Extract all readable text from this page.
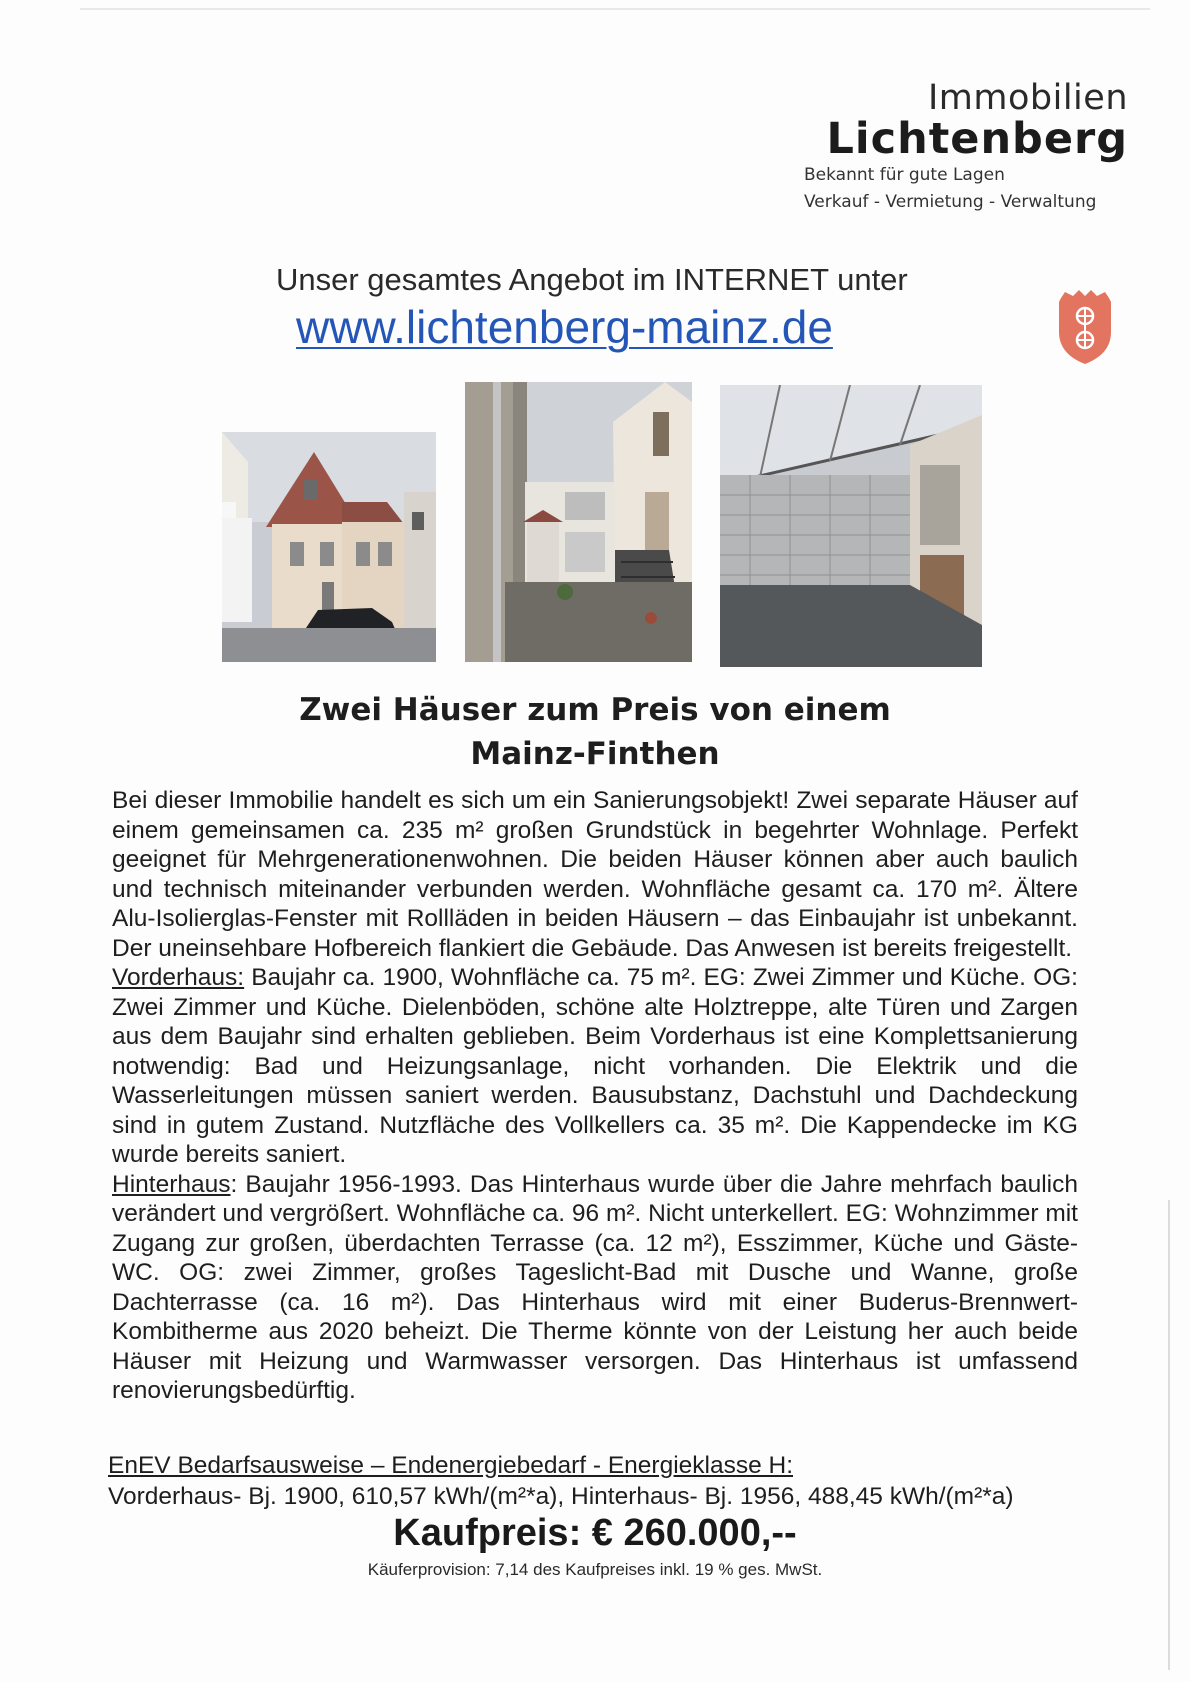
Immobilien
Lichtenberg
Bekannt für gute Lagen
Verkauf - Vermietung - Verwaltung
Unser gesamtes Angebot im INTERNET unter
www.lichtenberg-mainz.de
Zwei Häuser zum Preis von einem
Mainz-Finthen

Bei dieser Immobilie handelt es sich um ein Sanierungsobjekt! Zwei separate Häuser auf einem gemeinsamen ca. 235 m² großen Grundstück in begehrter Wohnlage. Perfekt geeignet für Mehrgenerationenwohnen. Die beiden Häuser können aber auch baulich und technisch miteinander verbunden werden. Wohnfläche gesamt ca. 170 m². Ältere Alu-Isolierglas-Fenster mit Rollläden in beiden Häusern – das Einbaujahr ist unbekannt. Der uneinsehbare Hofbereich flankiert die Gebäude. Das Anwesen ist bereits freigestellt.

Vorderhaus: Baujahr ca. 1900, Wohnfläche ca. 75 m². EG: Zwei Zimmer und Küche. OG: Zwei Zimmer und Küche. Dielenböden, schöne alte Holztreppe, alte Türen und Zargen aus dem Baujahr sind erhalten geblieben. Beim Vorderhaus ist eine Komplettsanierung notwendig: Bad und Heizungsanlage, nicht vorhanden. Die Elektrik und die Wasserleitungen müssen saniert werden. Bausubstanz, Dachstuhl und Dachdeckung sind in gutem Zustand. Nutzfläche des Vollkellers ca. 35 m². Die Kappendecke im KG wurde bereits saniert.

Hinterhaus: Baujahr 1956-1993. Das Hinterhaus wurde über die Jahre mehrfach baulich verändert und vergrößert. Wohnfläche ca. 96 m². Nicht unterkellert. EG: Wohnzimmer mit Zugang zur großen, überdachten Terrasse (ca. 12 m²), Esszimmer, Küche und Gäste-WC. OG: zwei Zimmer, großes Tageslicht-Bad mit Dusche und Wanne, große Dachterrasse (ca. 16 m²). Das Hinterhaus wird mit einer Buderus-Brennwert-Kombitherme aus 2020 beheizt. Die Therme könnte von der Leistung her auch beide Häuser mit Heizung und Warmwasser versorgen. Das Hinterhaus ist umfassend renovierungsbedürftig.

EnEV Bedarfsausweise – Endenergiebedarf - Energieklasse H:
Vorderhaus- Bj. 1900, 610,57 kWh/(m²*a), Hinterhaus- Bj. 1956, 488,45 kWh/(m²*a)
Kaufpreis: € 260.000,--
Käuferprovision: 7,14 des Kaufpreises inkl. 19 % ges. MwSt.
